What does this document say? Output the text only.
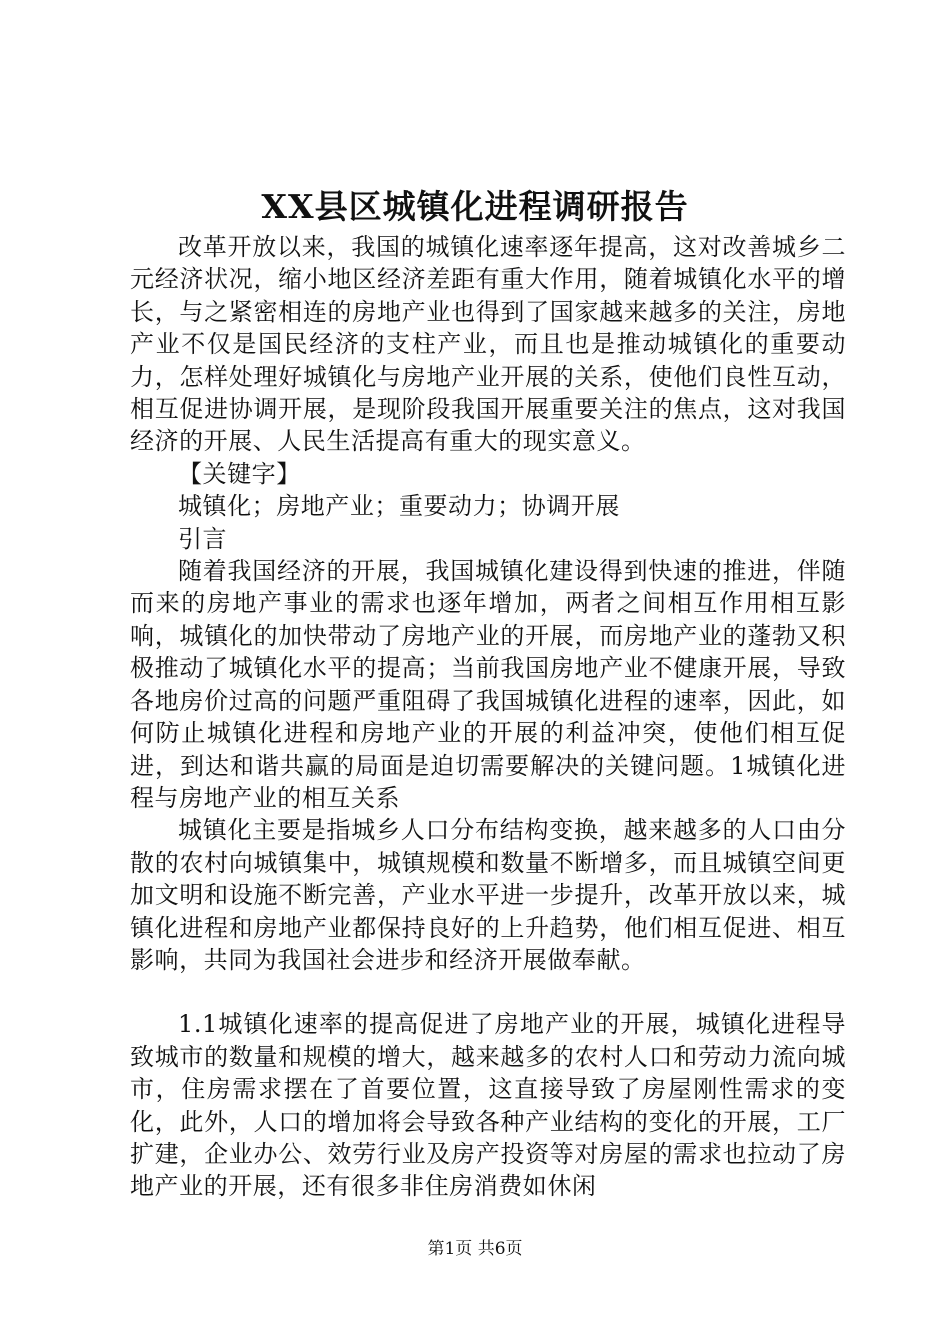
XX县区城镇化进程调研报告

改革开放以来，我国的城镇化速率逐年提高，这对改善城乡二元经济状况，缩小地区经济差距有重大作用，随着城镇化水平的增长，与之紧密相连的房地产业也得到了国家越来越多的关注，房地产业不仅是国民经济的支柱产业，而且也是推动城镇化的重要动力，怎样处理好城镇化与房地产业开展的关系，使他们良性互动，相互促进协调开展，是现阶段我国开展重要关注的焦点，这对我国经济的开展、人民生活提高有重大的现实意义。

【关键字】

城镇化；房地产业；重要动力；协调开展

引言

随着我国经济的开展，我国城镇化建设得到快速的推进，伴随而来的房地产事业的需求也逐年增加，两者之间相互作用相互影响，城镇化的加快带动了房地产业的开展，而房地产业的蓬勃又积极推动了城镇化水平的提高；当前我国房地产业不健康开展，导致各地房价过高的问题严重阻碍了我国城镇化进程的速率，因此，如何防止城镇化进程和房地产业的开展的利益冲突，使他们相互促进，到达和谐共赢的局面是迫切需要解决的关键问题。1城镇化进程与房地产业的相互关系

城镇化主要是指城乡人口分布结构变换，越来越多的人口由分散的农村向城镇集中，城镇规模和数量不断增多，而且城镇空间更加文明和设施不断完善，产业水平进一步提升，改革开放以来，城镇化进程和房地产业都保持良好的上升趋势，他们相互促进、相互影响，共同为我国社会进步和经济开展做奉献。

1.1城镇化速率的提高促进了房地产业的开展，城镇化进程导致城市的数量和规模的增大，越来越多的农村人口和劳动力流向城市，住房需求摆在了首要位置，这直接导致了房屋刚性需求的变化，此外，人口的增加将会导致各种产业结构的变化的开展，工厂扩建，企业办公、效劳行业及房产投资等对房屋的需求也拉动了房地产业的开展，还有很多非住房消费如休闲

第1页 共6页
